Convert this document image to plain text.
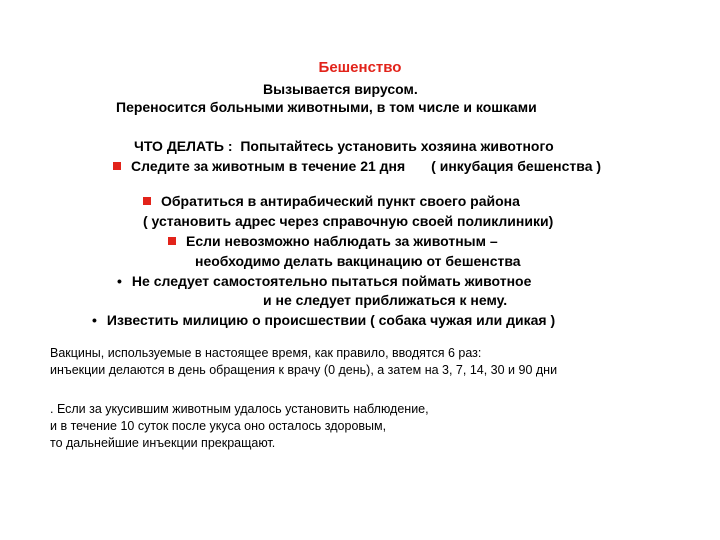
Бешенство
Вызывается вирусом.
Переносится больными животными, в том числе и кошками
ЧТО ДЕЛАТЬ : Попытайтесь установить хозяина животного
Следите за животным в течение 21 дня ( инкубация бешенства )
Обратиться в антирабический пункт своего района
( установить адрес через справочную своей поликлиники)
Если невозможно наблюдать за животным –
необходимо делать вакцинацию от бешенства
• Не следует самостоятельно пытаться поймать животное
и не следует приближаться к нему.
• Известить милицию о происшествии ( собака чужая или дикая )
Вакцины, используемые в настоящее время, как правило, вводятся 6 раз:
инъекции делаются в день обращения к врачу (0 день), а затем на 3, 7, 14, 30 и 90 дни
. Если за укусившим животным удалось установить наблюдение,
и в течение 10 суток после укуса оно осталось здоровым,
то дальнейшие инъекции прекращают.
